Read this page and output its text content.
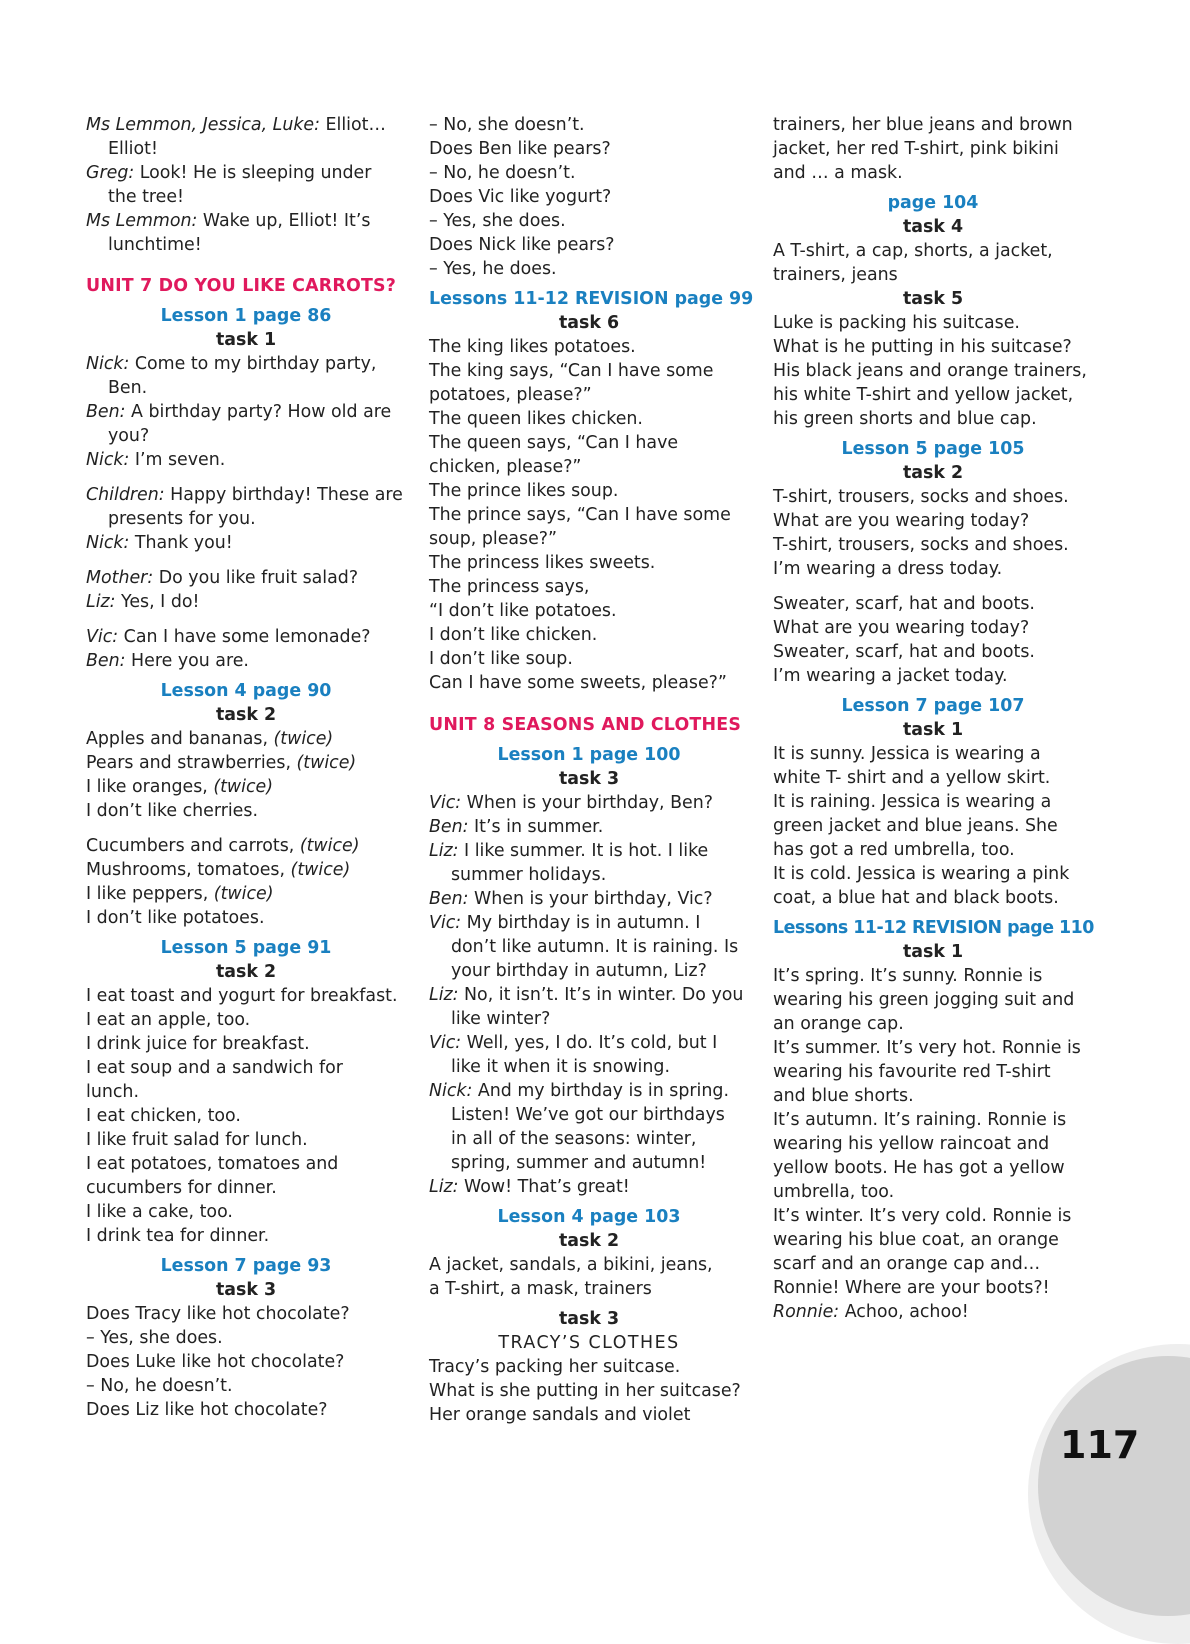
117
Ms Lemmon, Jessica, Luke: Elliot…
Elliot!
Greg: Look! He is sleeping under
the tree!
Ms Lemmon: Wake up, Elliot! It’s
lunchtime!
UNIT 7 DO YOU LIKE CARROTS?
Lesson 1 page 86
task 1
Nick: Come to my birthday party,
Ben.
Ben: A birthday party? How old are
you?
Nick: I’m seven.
Children: Happy birthday! These are
presents for you.
Nick: Thank you!
Mother: Do you like fruit salad?
Liz: Yes, I do!
Vic: Can I have some lemonade?
Ben: Here you are.
Lesson 4 page 90
task 2
Apples and bananas, (twice)
Pears and strawberries, (twice)
I like oranges, (twice)
I don’t like cherries.
Cucumbers and carrots, (twice)
Mushrooms, tomatoes, (twice)
I like peppers, (twice)
I don’t like potatoes.
Lesson 5 page 91
task 2
I eat toast and yogurt for breakfast.
I eat an apple, too.
I drink juice for breakfast.
I eat soup and a sandwich for
lunch.
I eat chicken, too.
I like fruit salad for lunch.
I eat potatoes, tomatoes and
cucumbers for dinner.
I like a cake, too.
I drink tea for dinner.
Lesson 7 page 93
task 3
Does Tracy like hot chocolate?
– Yes, she does.
Does Luke like hot chocolate?
– No, he doesn’t.
Does Liz like hot chocolate?
– No, she doesn’t.
Does Ben like pears?
– No, he doesn’t.
Does Vic like yogurt?
– Yes, she does.
Does Nick like pears?
– Yes, he does.
Lessons 11-12 REVISION page 99
task 6
The king likes potatoes.
The king says, “Can I have some
potatoes, please?”
The queen likes chicken.
The queen says, “Can I have
chicken, please?”
The prince likes soup.
The prince says, “Can I have some
soup, please?”
The princess likes sweets.
The princess says,
“I don’t like potatoes.
I don’t like chicken.
I don’t like soup.
Can I have some sweets, please?”
UNIT 8 SEASONS AND CLOTHES
Lesson 1 page 100
task 3
Vic: When is your birthday, Ben?
Ben: It’s in summer.
Liz: I like summer. It is hot. I like
summer holidays.
Ben: When is your birthday, Vic?
Vic: My birthday is in autumn. I
don’t like autumn. It is raining. Is
your birthday in autumn, Liz?
Liz: No, it isn’t. It’s in winter. Do you
like winter?
Vic: Well, yes, I do. It’s cold, but I
like it when it is snowing.
Nick: And my birthday is in spring.
Listen! We’ve got our birthdays
in all of the seasons: winter,
spring, summer and autumn!
Liz: Wow! That’s great!
Lesson 4 page 103
task 2
A jacket, sandals, a bikini, jeans,
a T-shirt, a mask, trainers
task 3
TRACY’S CLOTHES
Tracy’s packing her suitcase.
What is she putting in her suitcase?
Her orange sandals and violet
trainers, her blue jeans and brown
jacket, her red T-shirt, pink bikini
and … a mask.
page 104
task 4
A T-shirt, a cap, shorts, a jacket,
trainers, jeans
task 5
Luke is packing his suitcase.
What is he putting in his suitcase?
His black jeans and orange trainers,
his white T-shirt and yellow jacket,
his green shorts and blue cap.
Lesson 5 page 105
task 2
T-shirt, trousers, socks and shoes.
What are you wearing today?
T-shirt, trousers, socks and shoes.
I’m wearing a dress today.
Sweater, scarf, hat and boots.
What are you wearing today?
Sweater, scarf, hat and boots.
I’m wearing a jacket today.
Lesson 7 page 107
task 1
It is sunny. Jessica is wearing a
white T- shirt and a yellow skirt.
It is raining. Jessica is wearing a
green jacket and blue jeans. She
has got a red umbrella, too.
It is cold. Jessica is wearing a pink
coat, a blue hat and black boots.
Lessons 11-12 REVISION page 110
task 1
It’s spring. It’s sunny. Ronnie is
wearing his green jogging suit and
an orange cap.
It’s summer. It’s very hot. Ronnie is
wearing his favourite red T-shirt
and blue shorts.
It’s autumn. It’s raining. Ronnie is
wearing his yellow raincoat and
yellow boots. He has got a yellow
umbrella, too.
It’s winter. It’s very cold. Ronnie is
wearing his blue coat, an orange
scarf and an orange cap and…
Ronnie! Where are your boots?!
Ronnie: Achoo, achoo!
